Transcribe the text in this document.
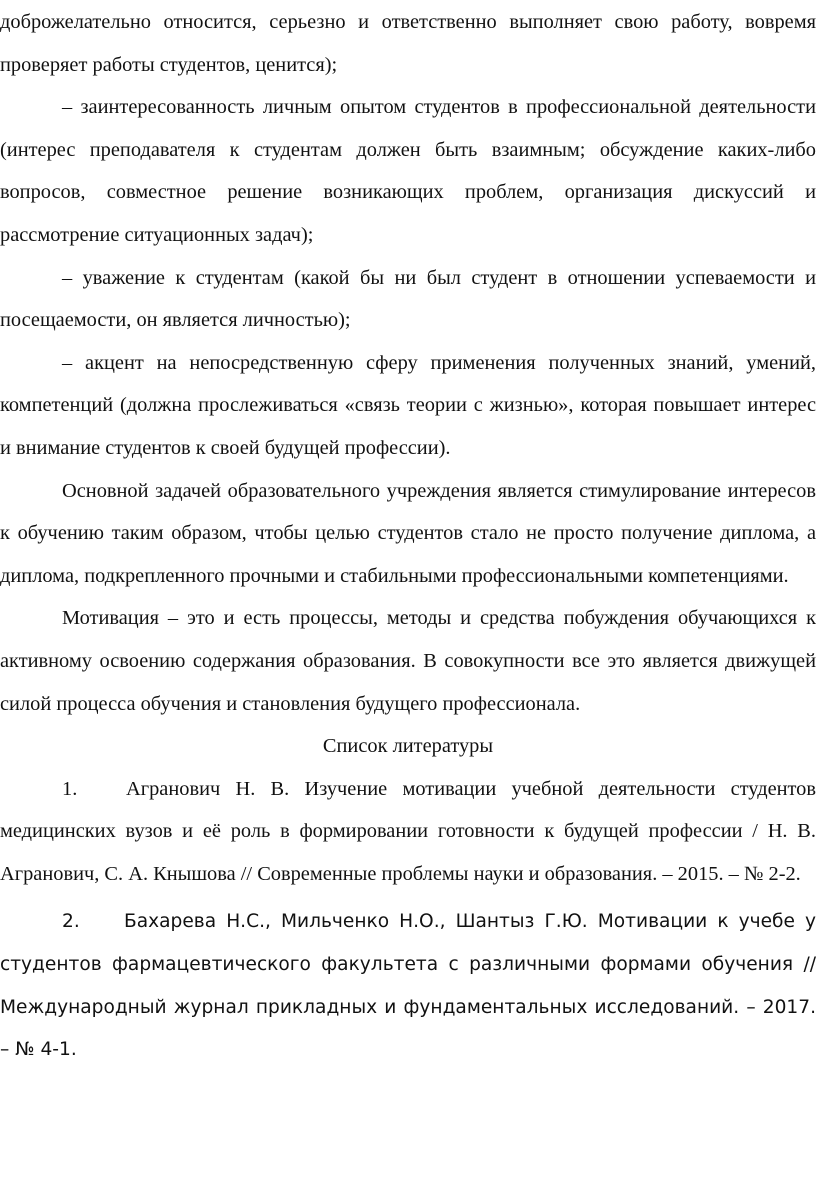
доброжелательно относится, серьезно и ответственно выполняет свою работу, вовремя проверяет работы студентов, ценится);

– заинтересованность личным опытом студентов в профессиональной деятельности (интерес преподавателя к студентам должен быть взаимным; обсуждение каких-либо вопросов, совместное решение возникающих проблем, организация дискуссий и рассмотрение ситуационных задач);

– уважение к студентам (какой бы ни был студент в отношении успеваемости и посещаемости, он является личностью);

– акцент на непосредственную сферу применения полученных знаний, умений, компетенций (должна прослеживаться «связь теории с жизнью», которая повышает интерес и внимание студентов к своей будущей профессии).

Основной задачей образовательного учреждения является стимулирование интересов к обучению таким образом, чтобы целью студентов стало не просто получение диплома, а диплома, подкрепленного прочными и стабильными профессиональными компетенциями.

Мотивация – это и есть процессы, методы и средства побуждения обучающихся к активному освоению содержания образования. В совокупности все это является движущей силой процесса обучения и становления будущего профессионала.

Список литературы

1. Агранович Н. В. Изучение мотивации учебной деятельности студентов медицинских вузов и её роль в формировании готовности к будущей профессии / Н. В. Агранович, С. А. Кнышова // Современные проблемы науки и образования. – 2015. – № 2-2.

2. Бахарева Н.С., Мильченко Н.О., Шантыз Г.Ю. Мотивации к учебе у студентов фармацевтического факультета с различными формами обучения // Международный журнал прикладных и фундаментальных исследований. – 2017. – № 4-1.
